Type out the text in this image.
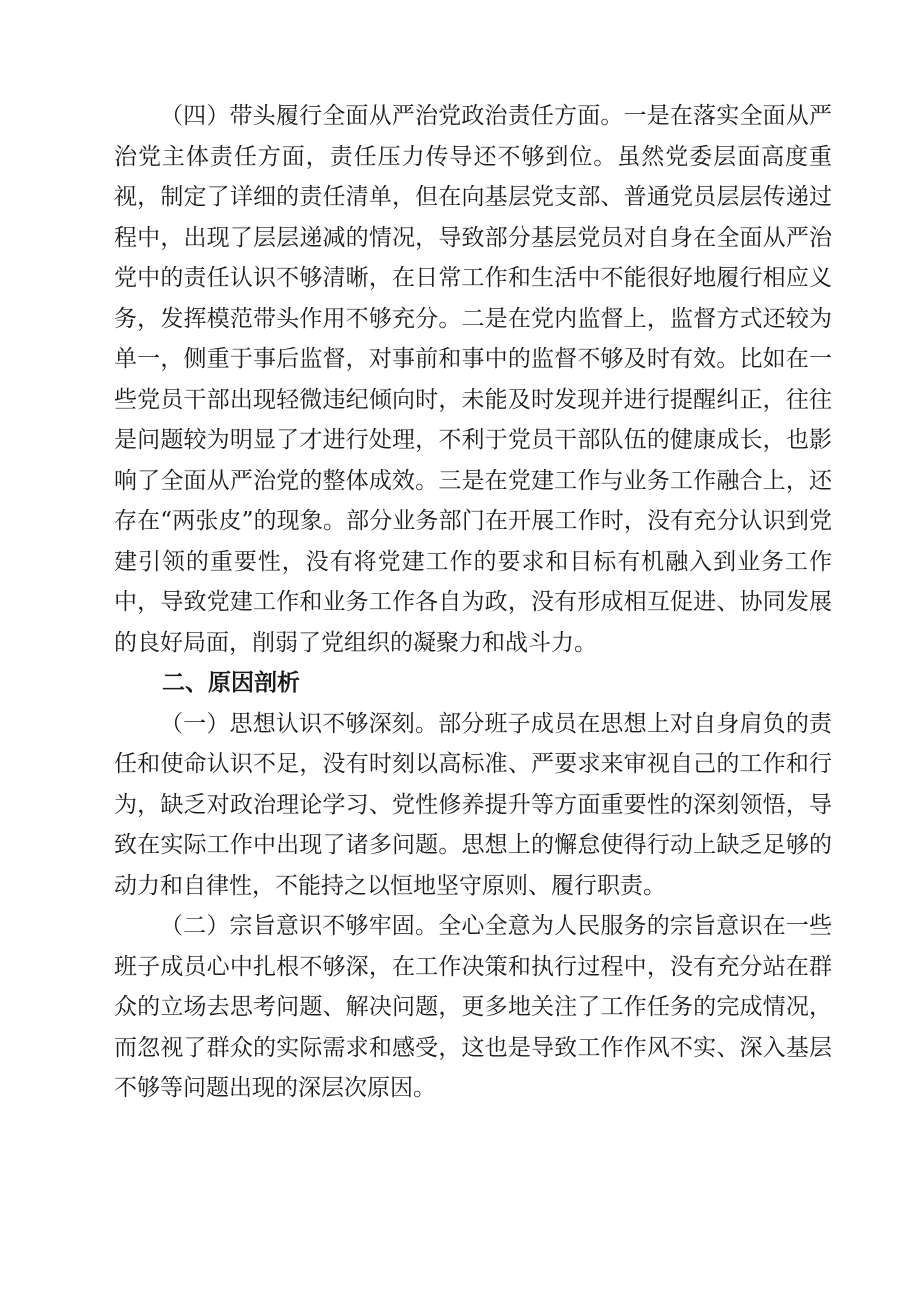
（四）带头履行全面从严治党政治责任方面。一是在落实全面从严治党主体责任方面，责任压力传导还不够到位。虽然党委层面高度重视，制定了详细的责任清单，但在向基层党支部、普通党员层层传递过程中，出现了层层递减的情况，导致部分基层党员对自身在全面从严治党中的责任认识不够清晰，在日常工作和生活中不能很好地履行相应义务，发挥模范带头作用不够充分。二是在党内监督上，监督方式还较为单一，侧重于事后监督，对事前和事中的监督不够及时有效。比如在一些党员干部出现轻微违纪倾向时，未能及时发现并进行提醒纠正，往往是问题较为明显了才进行处理，不利于党员干部队伍的健康成长，也影响了全面从严治党的整体成效。三是在党建工作与业务工作融合上，还存在“两张皮”的现象。部分业务部门在开展工作时，没有充分认识到党建引领的重要性，没有将党建工作的要求和目标有机融入到业务工作中，导致党建工作和业务工作各自为政，没有形成相互促进、协同发展的良好局面，削弱了党组织的凝聚力和战斗力。

二、原因剖析

（一）思想认识不够深刻。部分班子成员在思想上对自身肩负的责任和使命认识不足，没有时刻以高标准、严要求来审视自己的工作和行为，缺乏对政治理论学习、党性修养提升等方面重要性的深刻领悟，导致在实际工作中出现了诸多问题。思想上的懈怠使得行动上缺乏足够的动力和自律性，不能持之以恒地坚守原则、履行职责。

（二）宗旨意识不够牢固。全心全意为人民服务的宗旨意识在一些班子成员心中扎根不够深，在工作决策和执行过程中，没有充分站在群众的立场去思考问题、解决问题，更多地关注了工作任务的完成情况，而忽视了群众的实际需求和感受，这也是导致工作作风不实、深入基层不够等问题出现的深层次原因。
